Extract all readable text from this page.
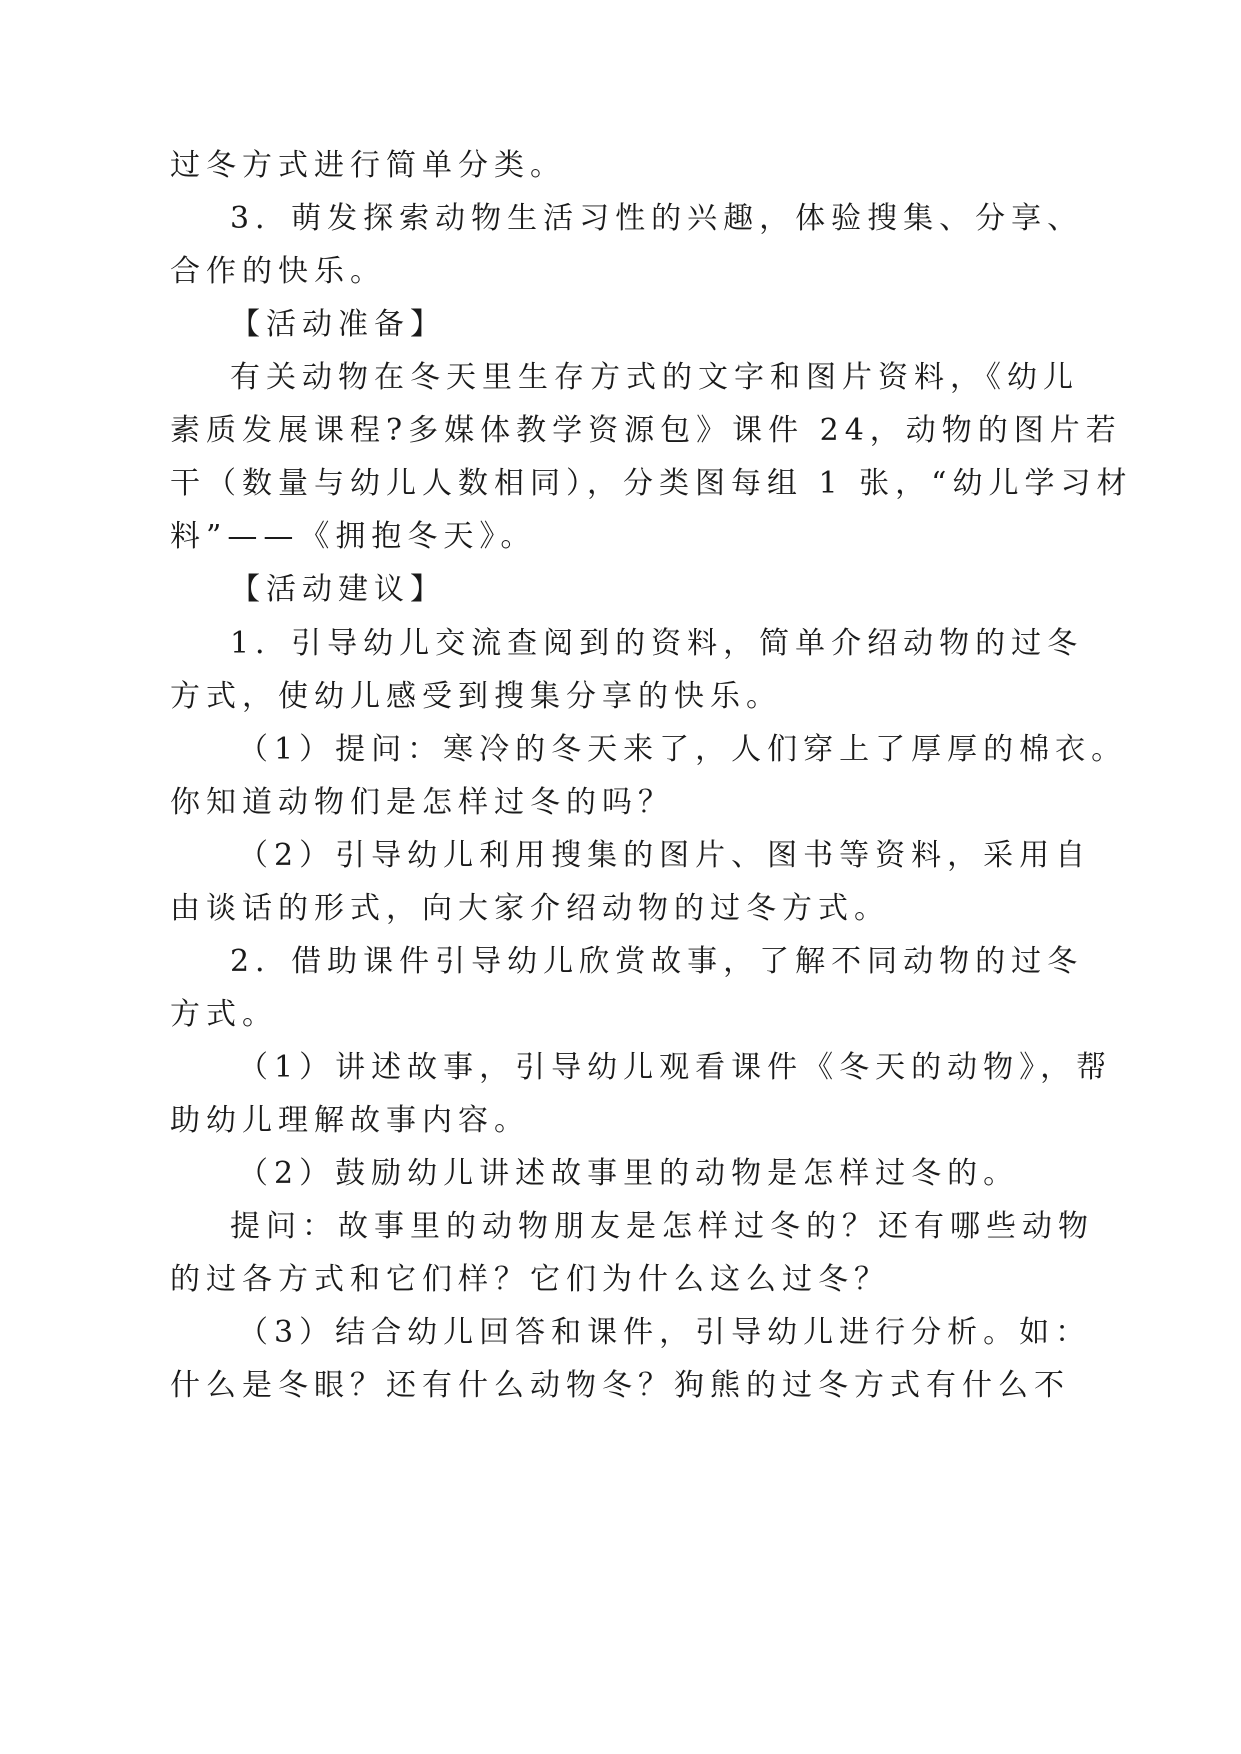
过冬方式进行简单分类。
3．萌发探索动物生活习性的兴趣，体验搜集、分享、
合作的快乐。
【活动准备】
有关动物在冬天里生存方式的文字和图片资料，《幼儿
素质发展课程?多媒体教学资源包》课件 24，动物的图片若
干（数量与幼儿人数相同），分类图每组 1 张，“幼儿学习材
料”——《拥抱冬天》。
【活动建议】
1．引导幼儿交流查阅到的资料，简单介绍动物的过冬
方式，使幼儿感受到搜集分享的快乐。
（1）提问：寒冷的冬天来了，人们穿上了厚厚的棉衣。
你知道动物们是怎样过冬的吗？
（2）引导幼儿利用搜集的图片、图书等资料，采用自
由谈话的形式，向大家介绍动物的过冬方式。
2．借助课件引导幼儿欣赏故事，了解不同动物的过冬
方式。
（1）讲述故事，引导幼儿观看课件《冬天的动物》，帮
助幼儿理解故事内容。
（2）鼓励幼儿讲述故事里的动物是怎样过冬的。
提问：故事里的动物朋友是怎样过冬的？还有哪些动物
的过各方式和它们样？它们为什么这么过冬？
（3）结合幼儿回答和课件，引导幼儿进行分析。如：
什么是冬眼？还有什么动物冬？狗熊的过冬方式有什么不
